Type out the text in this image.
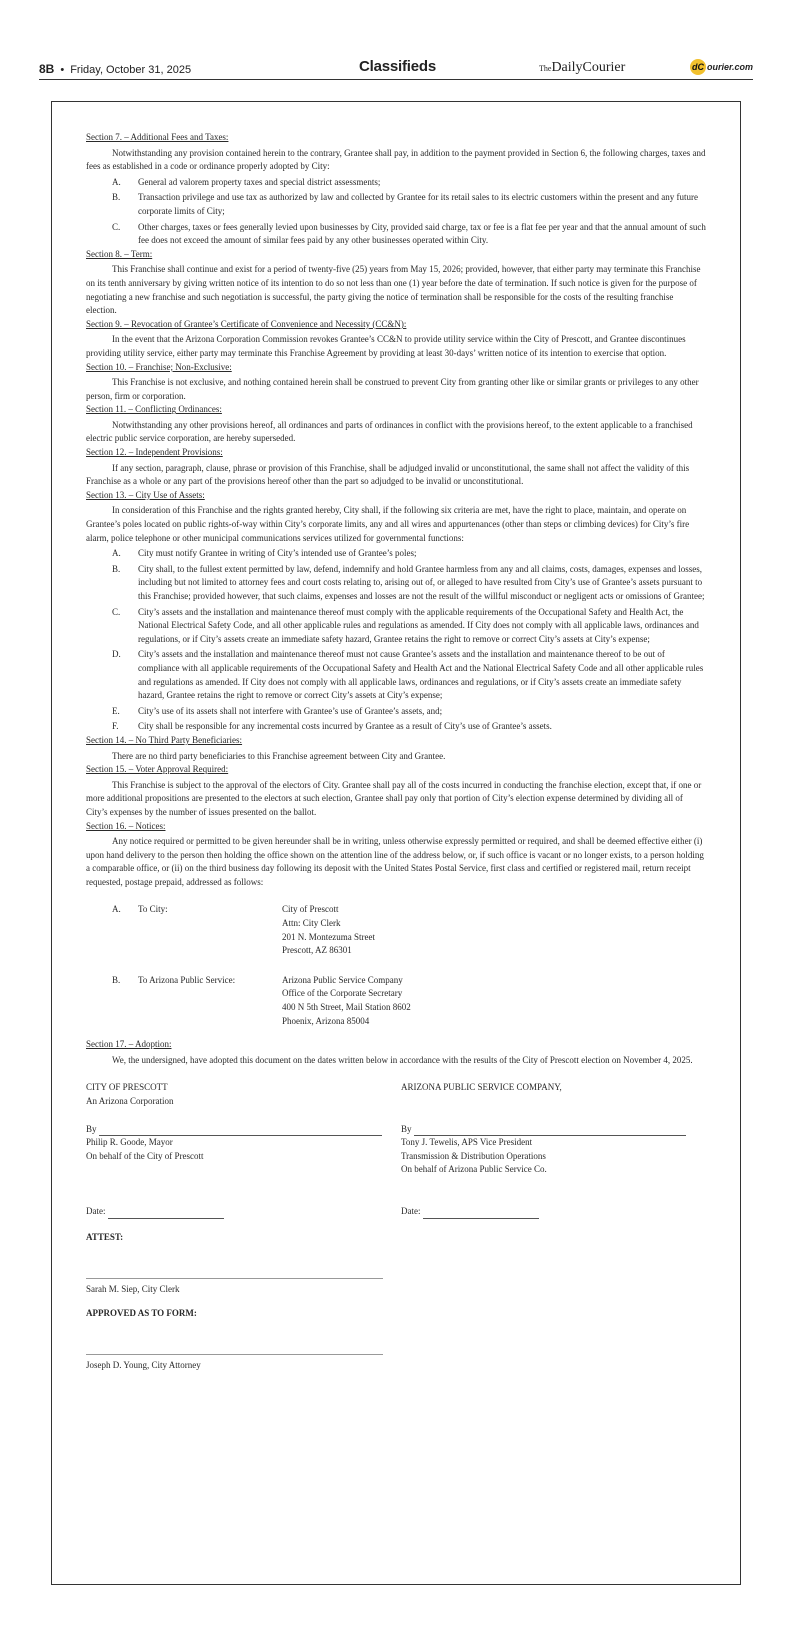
8B • Friday, October 31, 2025	Classifieds	TheDailyCourier	dC ourier.com

Section 7. – Additional Fees and Taxes:

Notwithstanding any provision contained herein to the contrary, Grantee shall pay, in addition to the payment provided in Section 6, the following charges, taxes and fees as established in a code or ordinance properly adopted by City:

A.	General ad valorem property taxes and special district assessments;
B.	Transaction privilege and use tax as authorized by law and collected by Grantee for its retail sales to its electric customers within the present and any future corporate limits of City;
C.	Other charges, taxes or fees generally levied upon businesses by City, provided said charge, tax or fee is a flat fee per year and that the annual amount of such fee does not exceed the amount of similar fees paid by any other businesses operated within City.

Section 8. – Term:

This Franchise shall continue and exist for a period of twenty-five (25) years from May 15, 2026; provided, however, that either party may terminate this Franchise on its tenth anniversary by giving written notice of its intention to do so not less than one (1) year before the date of termination. If such notice is given for the purpose of negotiating a new franchise and such negotiation is successful, the party giving the notice of termination shall be responsible for the costs of the resulting franchise election.

Section 9. – Revocation of Grantee’s Certificate of Convenience and Necessity (CC&N):

In the event that the Arizona Corporation Commission revokes Grantee’s CC&N to provide utility service within the City of Prescott, and Grantee discontinues providing utility service, either party may terminate this Franchise Agreement by providing at least 30-days’ written notice of its intention to exercise that option.

Section 10. – Franchise; Non-Exclusive:

This Franchise is not exclusive, and nothing contained herein shall be construed to prevent City from granting other like or similar grants or privileges to any other person, firm or corporation.

Section 11. – Conflicting Ordinances:

Notwithstanding any other provisions hereof, all ordinances and parts of ordinances in conflict with the provisions hereof, to the extent applicable to a franchised electric public service corporation, are hereby superseded.

Section 12. – Independent Provisions:

If any section, paragraph, clause, phrase or provision of this Franchise, shall be adjudged invalid or unconstitutional, the same shall not affect the validity of this Franchise as a whole or any part of the provisions hereof other than the part so adjudged to be invalid or unconstitutional.

Section 13. – City Use of Assets:

In consideration of this Franchise and the rights granted hereby, City shall, if the following six criteria are met, have the right to place, maintain, and operate on Grantee’s poles located on public rights-of-way within City’s corporate limits, any and all wires and appurtenances (other than steps or climbing devices) for City’s fire alarm, police telephone or other municipal communications services utilized for governmental functions:

A.	City must notify Grantee in writing of City’s intended use of Grantee’s poles;
B.	City shall, to the fullest extent permitted by law, defend, indemnify and hold Grantee harmless from any and all claims, costs, damages, expenses and losses, including but not limited to attorney fees and court costs relating to, arising out of, or alleged to have resulted from City’s use of Grantee’s assets pursuant to this Franchise; provided however, that such claims, expenses and losses are not the result of the willful misconduct or negligent acts or omissions of Grantee;
C.	City’s assets and the installation and maintenance thereof must comply with the applicable requirements of the Occupational Safety and Health Act, the National Electrical Safety Code, and all other applicable rules and regulations as amended. If City does not comply with all applicable laws, ordinances and regulations, or if City’s assets create an immediate safety hazard, Grantee retains the right to remove or correct City’s assets at City’s expense;
D.	City’s assets and the installation and maintenance thereof must not cause Grantee’s assets and the installation and maintenance thereof to be out of compliance with all applicable requirements of the Occupational Safety and Health Act and the National Electrical Safety Code and all other applicable rules and regulations as amended. If City does not comply with all applicable laws, ordinances and regulations, or if City’s assets create an immediate safety hazard, Grantee retains the right to remove or correct City’s assets at City’s expense;
E.	City’s use of its assets shall not interfere with Grantee’s use of Grantee’s assets, and;
F.	City shall be responsible for any incremental costs incurred by Grantee as a result of City’s use of Grantee’s assets.

Section 14. – No Third Party Beneficiaries:

There are no third party beneficiaries to this Franchise agreement between City and Grantee.

Section 15. – Voter Approval Required:

This Franchise is subject to the approval of the electors of City. Grantee shall pay all of the costs incurred in conducting the franchise election, except that, if one or more additional propositions are presented to the electors at such election, Grantee shall pay only that portion of City’s election expense determined by dividing all of City’s expenses by the number of issues presented on the ballot.

Section 16. – Notices:

Any notice required or permitted to be given hereunder shall be in writing, unless otherwise expressly permitted or required, and shall be deemed effective either (i) upon hand delivery to the person then holding the office shown on the attention line of the address below, or, if such office is vacant or no longer exists, to a person holding a comparable office, or (ii) on the third business day following its deposit with the United States Postal Service, first class and certified or registered mail, return receipt requested, postage prepaid, addressed as follows:

A.	To City:	City of Prescott
Attn: City Clerk
201 N. Montezuma Street
Prescott, AZ 86301
B.	To Arizona Public Service:	Arizona Public Service Company
Office of the Corporate Secretary
400 N 5th Street, Mail Station 8602
Phoenix, Arizona 85004

Section 17. – Adoption:

We, the undersigned, have adopted this document on the dates written below in accordance with the results of the City of Prescott election on November 4, 2025.

CITY OF PRESCOTT
An Arizona Corporation
ARIZONA PUBLIC SERVICE COMPANY,
By
Philip R. Goode, Mayor
On behalf of the City of Prescott
By
Tony J. Tewelis, APS Vice President
Transmission & Distribution Operations
On behalf of Arizona Public Service Co.
Date:	Date:

ATTEST:

Sarah M. Siep, City Clerk

APPROVED AS TO FORM:

Joseph D. Young, City Attorney
